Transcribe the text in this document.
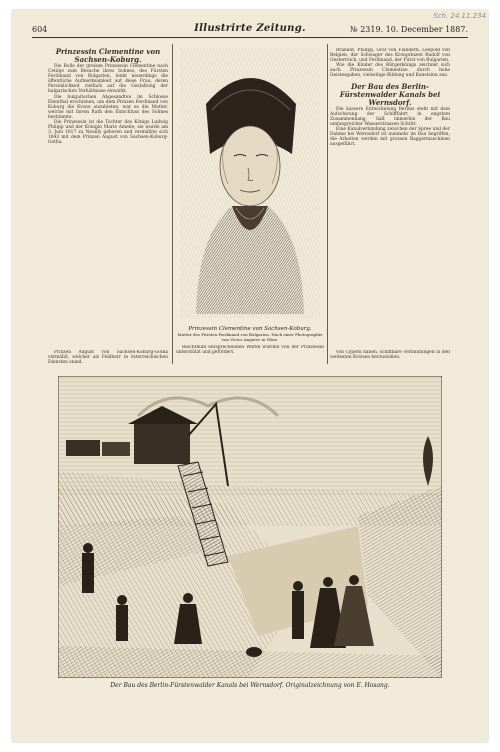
Sch. 24.11.234
604	Illustrirte Zeitung.	№ 2319. 10. December 1887.

Prinzessin Clementine von Sachsen-Koburg.

Die Rolle der greisen Prinzessin Clementine nach Cetinje zum Besuche ihres Sohnes, des Fürsten Ferdinand von Bulgarien, lenkt neuerdings die öffentliche Aufmerksamkeit auf diese Frau, deren Persönlichkeit vielfach auf die Gestaltung der bulgarischen Verhältnisse einwirkt.

Die bulgarischen Abgesandten im Schlosse Ebenthal erschienen, um dem Prinzen Ferdinand von Koburg die Krone anzubieten, war es die Mutter, welche mit ihrem Rath den Entschluss des Sohnes bestimmte.

Die Prinzessin ist die Tochter des Königs Ludwig Philipp und der Königin Marie Amelie; sie wurde am 3. Juni 1817 zu Neuilly geboren und vermählte sich 1843 mit dem Prinzen August von Sachsen-Koburg-Gotha.

Prinzessin Clementine von Sachsen-Koburg.
Mutter des Fürsten Ferdinand von Bulgarien. Nach einer Photographie von Victor Angerer in Wien.

Brabant, Philipp, Graf von Flandern, Leopold von Belgien, der Schwager des Kronprinzen Rudolf von Oesterreich, und Ferdinand, der Fürst von Bulgarien.

Wie die Kinder des Bürgerkönigs zeichnet sich auch Prinzessin Clementine durch hohe Geistesgaben, vielseitige Bildung und Kunstsinn aus.

Der Bau des Berlin-Fürstenwalder Kanals bei Wernsdorf.

Die äussere Entwickelung Berlins steht mit dem Aufschwung der Schifffahrt in engstem Zusammenhang, hält immerhin der Bau umfangreicher Wasserstrassen Schritt.

Eine Kanalverbindung zwischen der Spree und der Dahme bei Wernsdorf ist nunmehr im Bau begriffen; die Arbeiten werden mit grossen Baggermaschinen ausgeführt.

Prinzen August von Sachsen-Koburg-Gotha vermählt, welcher als Feldherr in österreichischen Diensten stand.

Reichthum entsprechenden Werke wurden von der Prinzessin unterstützt und gefördert.	von Cypern haben, schiffbare Verbindungen in den weitesten Kreisen herzustellen.

Der Bau des Berlin-Fürstenwalder Kanals bei Wernsdorf. Originalzeichnung von E. Hosang.
